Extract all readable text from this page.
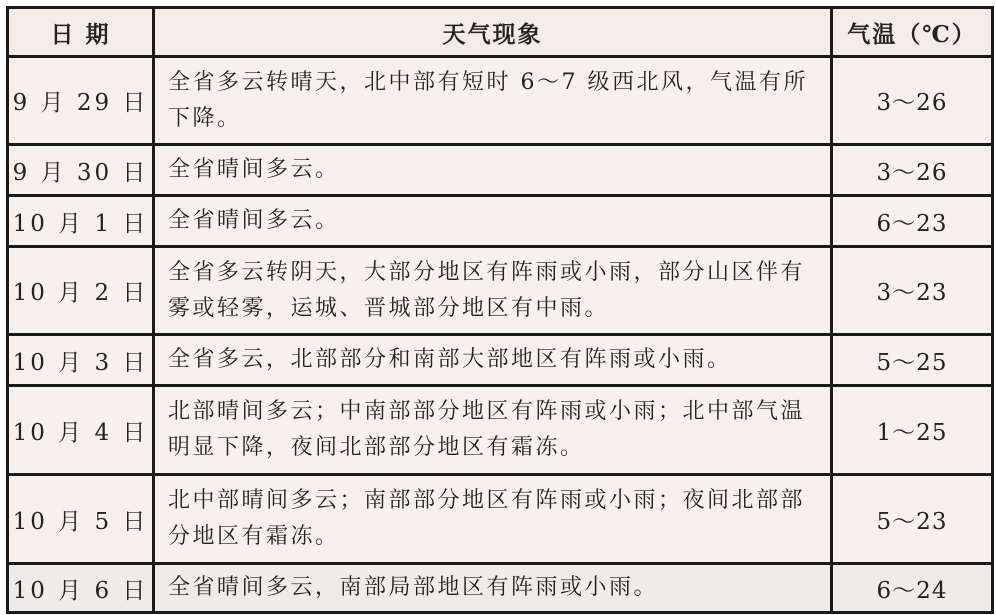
日 期	天气现象	气温（℃）
9 月 29 日	全省多云转晴天，北中部有短时 6～7 级西北风，气温有所下降。	3～26
9 月 30 日	全省晴间多云。	3～26
10 月 1 日	全省晴间多云。	6～23
10 月 2 日	全省多云转阴天，大部分地区有阵雨或小雨，部分山区伴有雾或轻雾，运城、晋城部分地区有中雨。	3～23
10 月 3 日	全省多云，北部部分和南部大部地区有阵雨或小雨。	5～25
10 月 4 日	北部晴间多云；中南部部分地区有阵雨或小雨；北中部气温明显下降，夜间北部部分地区有霜冻。	1～25
10 月 5 日	北中部晴间多云；南部部分地区有阵雨或小雨；夜间北部部分地区有霜冻。	5～23
10 月 6 日	全省晴间多云，南部局部地区有阵雨或小雨。	6～24
